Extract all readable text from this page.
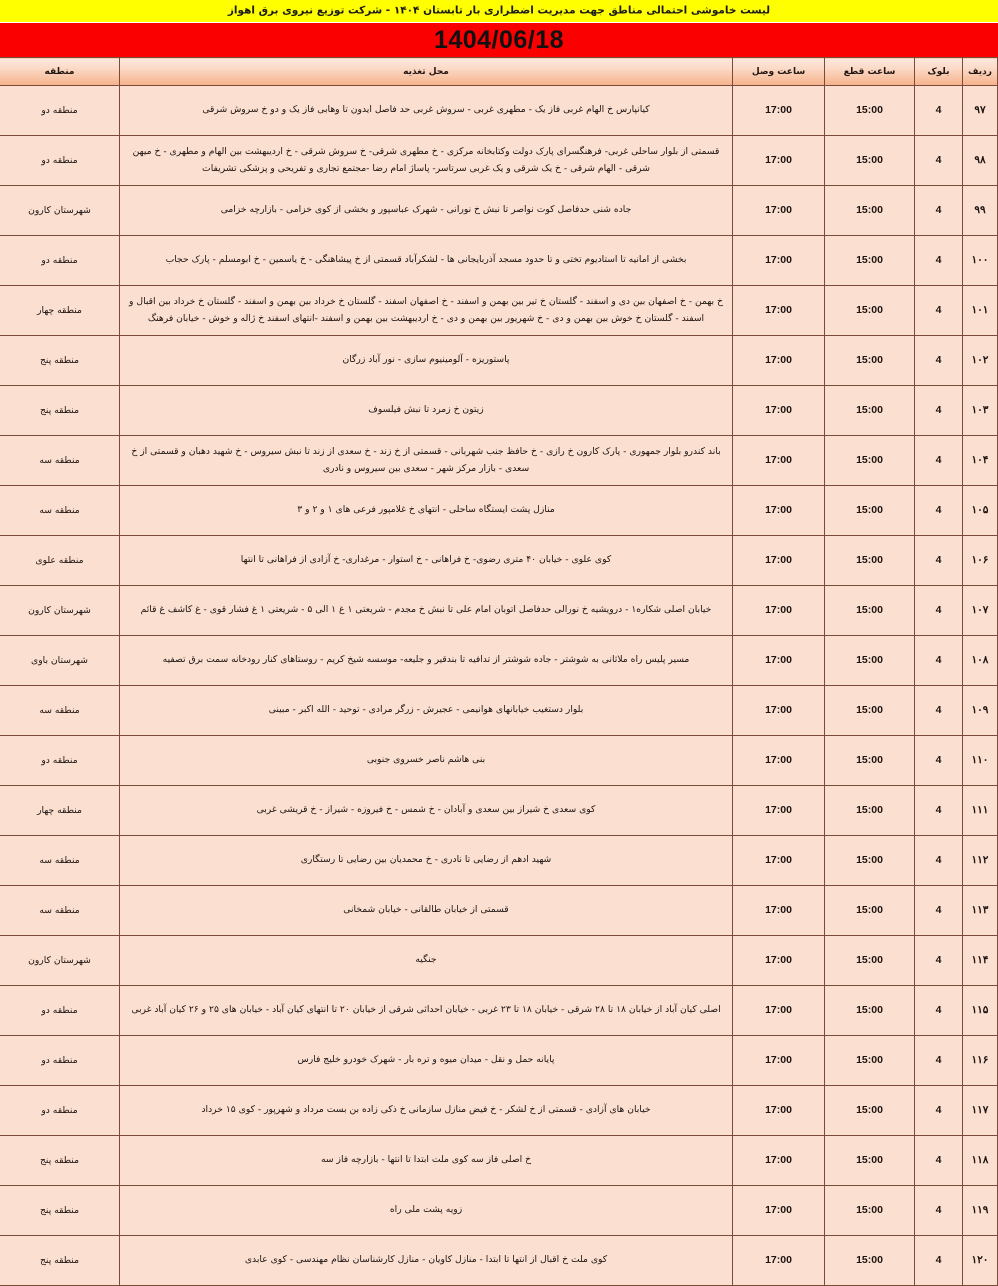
لیست خاموشی احتمالی مناطق جهت مدیریت اضطراری بار تابستان ۱۴۰۴ - شرکت توزیع نیروی برق اهواز
1404/06/18
ردیف	بلوک	ساعت قطع	ساعت وصل	محل تغذیه	منطقه
۹۷	4	15:00	17:00	کیانپارس خ الهام غربی فاز یک - مطهری غربی - سروش غربی حد فاصل ایدون تا وهابی فاز یک و دو خ سروش شرقی	منطقه دو
۹۸	4	15:00	17:00	قسمتی از بلوار ساحلی غربی- فرهنگسرای پارک دولت وکتابخانه مرکزی - خ مطهری شرقی- خ سروش شرقی - خ اردیبهشت بین الهام و مطهری - خ میهن شرقی - الهام شرقی - خ یک شرقی و یک غربی سرتاسر- پاساژ امام رضا -مجتمع تجاری و تفریحی و پزشکی تشریفات	منطقه دو
۹۹	4	15:00	17:00	جاده شنی حدفاصل کوت نواصر تا نبش خ نورانی - شهرک عباسپور و بخشی از کوی خزامی - بازارچه خزامی	شهرستان کارون
۱۰۰	4	15:00	17:00	بخشی از امانیه تا استادیوم تختی و تا حدود مسجد آذربایجانی ها - لشکرآباد قسمتی از خ پیشاهنگی - خ یاسمین - خ ابومسلم - پارک حجاب	منطقه دو
۱۰۱	4	15:00	17:00	خ بهمن - خ اصفهان بین دی و اسفند - گلستان خ تیر بین بهمن و اسفند - خ اصفهان اسفند - گلستان خ خرداد بین بهمن و اسفند - گلستان خ خرداد بین اقبال و اسفند - گلستان خ خوش بین بهمن و دی - خ شهریور بین بهمن و دی - خ اردیبهشت بین بهمن و اسفند -انتهای اسفند خ ژاله و خوش - خیابان فرهنگ	منطقه چهار
۱۰۲	4	15:00	17:00	پاستوریزه - آلومینیوم سازی - نور آباد زرگان	منطقه پنج
۱۰۳	4	15:00	17:00	زیتون خ زمرد تا نبش فیلسوف	منطقه پنج
۱۰۴	4	15:00	17:00	باند کندرو بلوار جمهوری - پارک کارون خ رازی - خ حافظ جنب شهربانی - قسمتی از خ زند - خ سعدی از زند تا نبش سیروس - خ شهید دهبان و قسمتی از خ سعدی - بازار مرکز شهر - سعدی بین سیروس و نادری	منطقه سه
۱۰۵	4	15:00	17:00	منازل پشت ایستگاه ساحلی - انتهای خ غلامپور فرعی های ۱ و ۲ و ۳	منطقه سه
۱۰۶	4	15:00	17:00	کوی علوی - خیابان ۴۰ متری رضوی- خ فراهانی - خ استوار - مرغداری- خ آزادی از فراهانی تا انتها	منطقه علوی
۱۰۷	4	15:00	17:00	خیابان اصلی شکاره۱ - درویشیه خ نورالی حدفاصل اتوبان امام علی تا نبش خ مجدم - شریعتی ۱ غ ۱ الی ۵ - شریعتی ۱ غ فشار قوی - غ کاشف غ قائم	شهرستان کارون
۱۰۸	4	15:00	17:00	مسیر پلیس راه ملاثانی به شوشتر - جاده شوشتر از تدافیه تا بندقیر و جلیعه- موسسه شیخ کریم - روستاهای کنار رودخانه سمت برق تصفیه	شهرستان باوی
۱۰۹	4	15:00	17:00	بلوار دستغیب خیابانهای هوانیمی - عجیرش - زرگر مرادی - توحید - الله اکبر - مبینی	منطقه سه
۱۱۰	4	15:00	17:00	بنی هاشم ناصر خسروی جنوبی	منطقه دو
۱۱۱	4	15:00	17:00	کوی سعدی خ شیراز بین سعدی و آبادان - خ شمس - خ فیروزه - شیراز - خ قریشی غربی	منطقه چهار
۱۱۲	4	15:00	17:00	شهید ادهم از رضایی تا نادری - خ محمدیان بین رضایی تا رستگاری	منطقه سه
۱۱۳	4	15:00	17:00	قسمتی از خیابان طالقانی - خیابان شمخانی	منطقه سه
۱۱۴	4	15:00	17:00	جنگیه	شهرستان کارون
۱۱۵	4	15:00	17:00	اصلی کیان آباد از خیابان ۱۸ تا ۲۸ شرقی - خیابان ۱۸ تا ۲۳ غربی - خیابان احداثی شرقی از خیابان ۲۰ تا انتهای کیان آباد - خیابان های ۲۵ و ۲۶ کیان آباد غربی	منطقه دو
۱۱۶	4	15:00	17:00	پایانه حمل و نقل - میدان میوه و تره بار - شهرک خودرو خلیج فارس	منطقه دو
۱۱۷	4	15:00	17:00	خیابان های آزادی - قسمتی از خ لشکر - خ فیض منازل سازمانی خ ذکی زاده بن بست مرداد و شهرپور - کوی ۱۵ خرداد	منطقه دو
۱۱۸	4	15:00	17:00	خ اصلی فاز سه کوی ملت ابتدا تا انتها - بازارچه فاز سه	منطقه پنج
۱۱۹	4	15:00	17:00	زویه پشت ملی راه	منطقه پنج
۱۲۰	4	15:00	17:00	کوی ملت خ اقبال از انتها تا ابتدا - منازل کاویان - منازل کارشناسان نظام مهندسی - کوی عابدی	منطقه پنج
